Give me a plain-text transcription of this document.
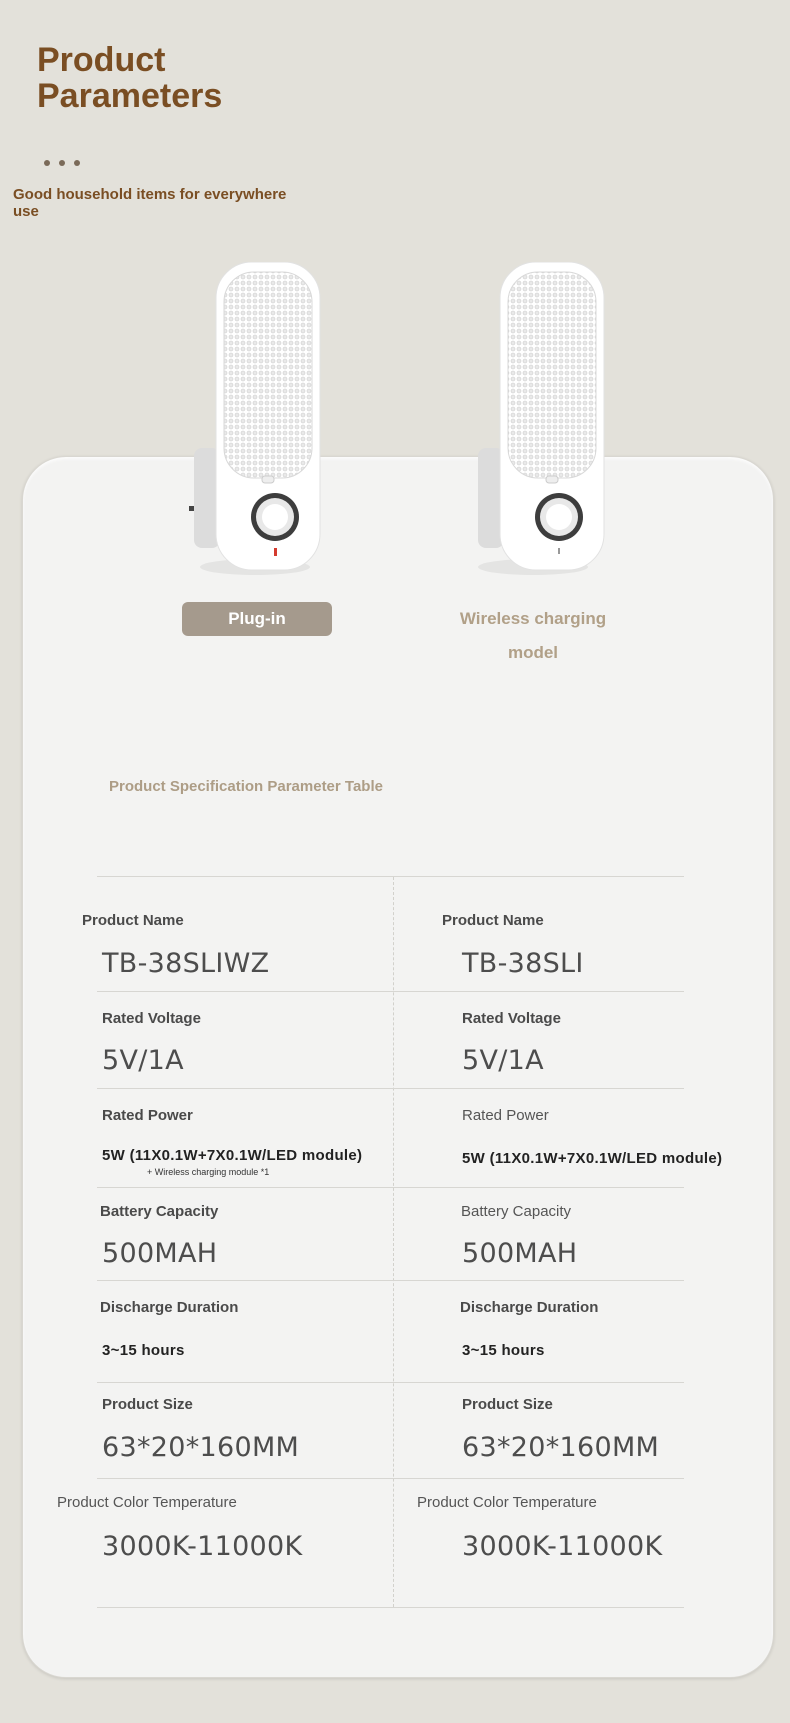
Product Parameters
Good household items for everywhere use
Plug-in	Wireless charging model
Product Specification Parameter Table
Product Name
TB-38SLIWZ
Rated Voltage
5V/1A
Rated Power
5W (11X0.1W+7X0.1W/LED module)
+ Wireless charging module *1
Battery Capacity
500MAH
Discharge Duration
3~15 hours
Product Size
63*20*160MM
Product Color Temperature
3000K-11000K
Product Name
TB-38SLI
Rated Voltage
5V/1A
Rated Power
5W (11X0.1W+7X0.1W/LED module)
Battery Capacity
500MAH
Discharge Duration
3~15 hours
Product Size
63*20*160MM
Product Color Temperature
3000K-11000K
